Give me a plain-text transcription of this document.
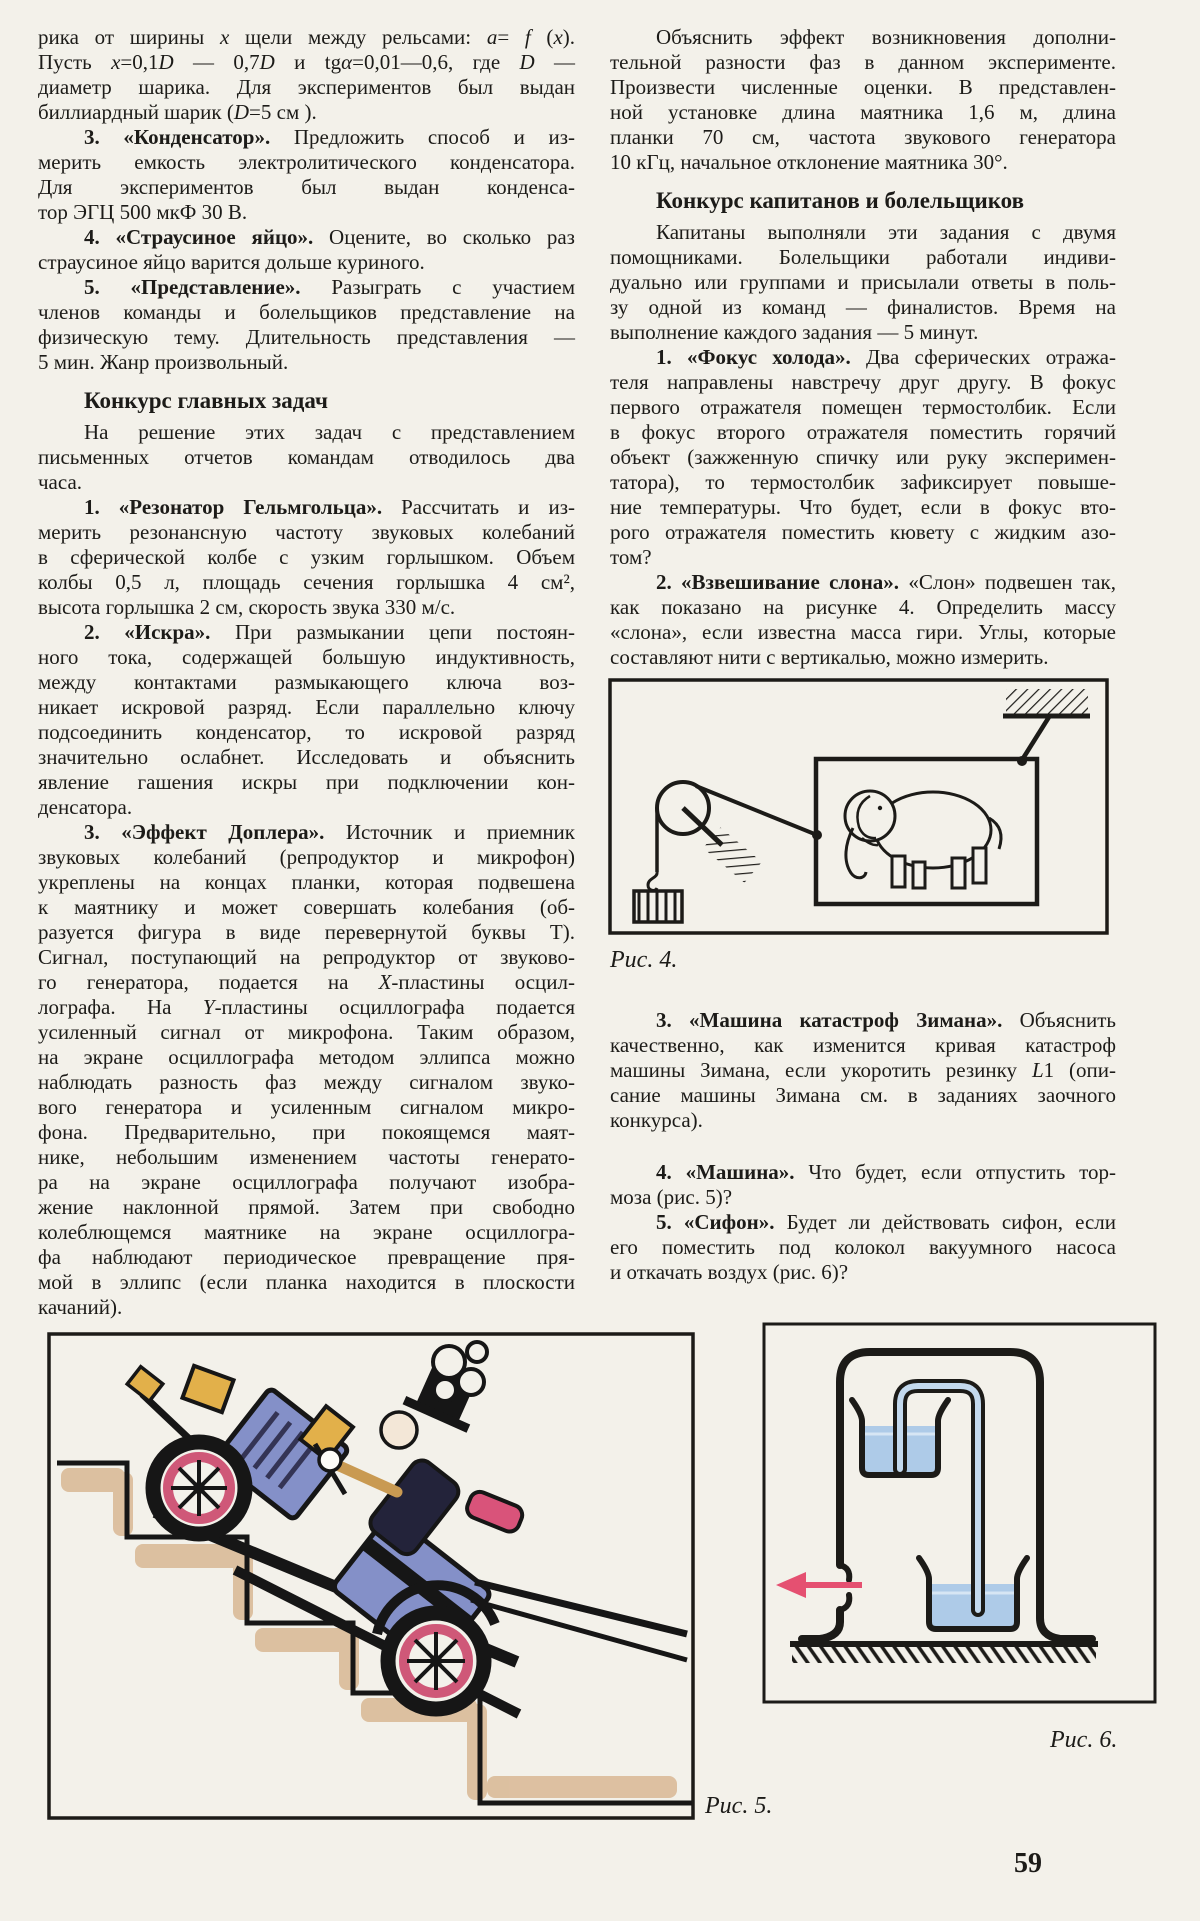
рика от ширины x щели между рельсами: a= f (x).
Пусть x=0,1D — 0,7D и tgα=0,01—0,6, где D —
диаметр шарика. Для экспериментов был выдан
биллиардный шарик (D=5 см ).
3. «Конденсатор». Предложить способ и из-
мерить емкость электролитического конденсатора.
Для экспериментов был выдан конденса-
тор ЭГЦ 500 мкФ 30 В.
4. «Страусиное яйцо». Оцените, во сколько раз
страусиное яйцо варится дольше куриного.
5. «Представление». Разыграть с участием
членов команды и болельщиков представление на
физическую тему. Длительность представления —
5 мин. Жанр произвольный.
Конкурс главных задач
На решение этих задач с представлением
письменных отчетов командам отводилось два
часа.
1. «Резонатор Гельмгольца». Рассчитать и из-
мерить резонансную частоту звуковых колебаний
в сферической колбе с узким горлышком. Объем
колбы 0,5 л, площадь сечения горлышка 4 см²,
высота горлышка 2 см, скорость звука 330 м/с.
2. «Искра». При размыкании цепи постоян-
ного тока, содержащей большую индуктивность,
между контактами размыкающего ключа воз-
никает искровой разряд. Если параллельно ключу
подсоединить конденсатор, то искровой разряд
значительно ослабнет. Исследовать и объяснить
явление гашения искры при подключении кон-
денсатора.
3. «Эффект Доплера». Источник и приемник
звуковых колебаний (репродуктор и микрофон)
укреплены на концах планки, которая подвешена
к маятнику и может совершать колебания (об-
разуется фигура в виде перевернутой буквы Т).
Сигнал, поступающий на репродуктор от звуково-
го генератора, подается на X-пластины осцил-
лографа. На Y-пластины осциллографа подается
усиленный сигнал от микрофона. Таким образом,
на экране осциллографа методом эллипса можно
наблюдать разность фаз между сигналом звуко-
вого генератора и усиленным сигналом микро-
фона. Предварительно, при покоящемся маят-
нике, небольшим изменением частоты генерато-
ра на экране осциллографа получают изобра-
жение наклонной прямой. Затем при свободно
колеблющемся маятнике на экране осциллогра-
фа наблюдают периодическое превращение пря-
мой в эллипс (если планка находится в плоскости
качаний).
Объяснить эффект возникновения дополни-
тельной разности фаз в данном эксперименте.
Произвести численные оценки. В представлен-
ной установке длина маятника 1,6 м, длина
планки 70 см, частота звукового генератора
10 кГц, начальное отклонение маятника 30°.
Конкурс капитанов и болельщиков
Капитаны выполняли эти задания с двумя
помощниками. Болельщики работали индиви-
дуально или группами и присылали ответы в поль-
зу одной из команд — финалистов. Время на
выполнение каждого задания — 5 минут.
1. «Фокус холода». Два сферических отража-
теля направлены навстречу друг другу. В фокус
первого отражателя помещен термостолбик. Если
в фокус второго отражателя поместить горячий
объект (зажженную спичку или руку эксперимен-
татора), то термостолбик зафиксирует повыше-
ние температуры. Что будет, если в фокус вто-
рого отражателя поместить кювету с жидким азо-
том?
2. «Взвешивание слона». «Слон» подвешен так,
как показано на рисунке 4. Определить массу
«слона», если известна масса гири. Углы, которые
составляют нити с вертикалью, можно измерить.
3. «Машина катастроф Зимана». Объяснить
качественно, как изменится кривая катастроф
машины Зимана, если укоротить резинку L1 (опи-
сание машины Зимана см. в заданиях заочного
конкурса).
4. «Машина». Что будет, если отпустить тор-
моза (рис. 5)?
5. «Сифон». Будет ли действовать сифон, если
его поместить под колокол вакуумного насоса
и откачать воздух (рис. 6)?
Рис. 4.
Рис. 5.
Рис. 6.
59
